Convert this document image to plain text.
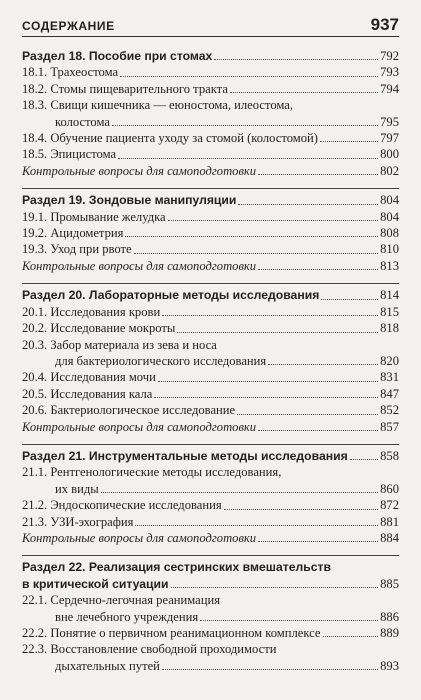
СОДЕРЖАНИЕ	937
Раздел 18. Пособие при стомах	792
18.1. Трахеостома	793
18.2. Стомы пищеварительного тракта	794
18.3. Свищи кишечника — еюностома, илеостома,
колостома	795
18.4. Обучение пациента уходу за стомой (колостомой)	797
18.5. Эпицистома	800
Контрольные вопросы для самоподготовки	802
Раздел 19. Зондовые манипуляции	804
19.1. Промывание желудка	804
19.2. Ацидометрия	808
19.3. Уход при рвоте	810
Контрольные вопросы для самоподготовки	813
Раздел 20. Лабораторные методы исследования	814
20.1. Исследования крови	815
20.2. Исследование мокроты	818
20.3. Забор материала из зева и носа
для бактериологического исследования	820
20.4. Исследования мочи	831
20.5. Исследования кала	847
20.6. Бактериологическое исследование	852
Контрольные вопросы для самоподготовки	857
Раздел 21. Инструментальные методы исследования	858
21.1. Рентгенологические методы исследования,
их виды	860
21.2. Эндоскопические исследования	872
21.3. УЗИ-эхография	881
Контрольные вопросы для самоподготовки	884
Раздел 22. Реализация сестринских вмешательств
в критической ситуации	885
22.1. Сердечно-легочная реанимация
вне лечебного учреждения	886
22.2. Понятие о первичном реанимационном комплексе	889
22.3. Восстановление свободной проходимости
дыхательных путей	893
